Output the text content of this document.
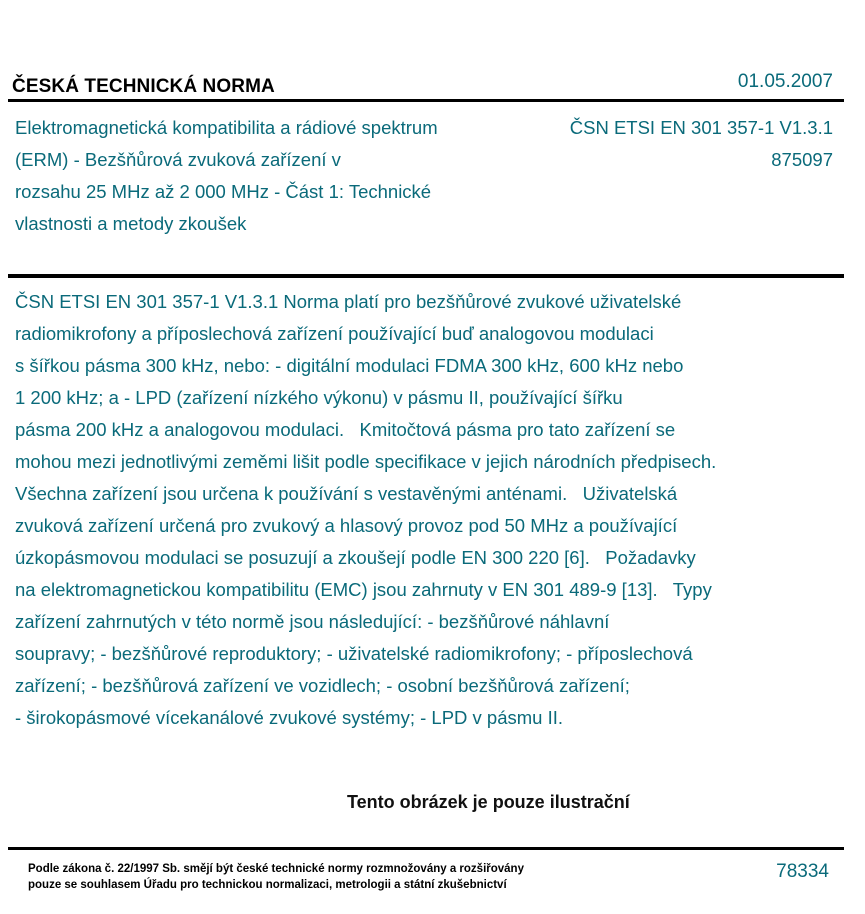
ČESKÁ TECHNICKÁ NORMA	01.05.2007
Elektromagnetická kompatibilita a rádiové spektrum
(ERM) - Bezšňůrová zvuková zařízení v
rozsahu 25 MHz až 2 000 MHz - Část 1: Technické
vlastnosti a metody zkoušek
ČSN ETSI EN 301 357-1 V1.3.1
875097
ČSN ETSI EN 301 357-1 V1.3.1 Norma platí pro bezšňůrové zvukové uživatelské
radiomikrofony a příposlechová zařízení používající buď analogovou modulaci
s šířkou pásma 300 kHz, nebo: - digitální modulaci FDMA 300 kHz, 600 kHz nebo
1 200 kHz; a - LPD (zařízení nízkého výkonu) v pásmu II, používající šířku
pásma 200 kHz a analogovou modulaci.   Kmitočtová pásma pro tato zařízení se
mohou mezi jednotlivými zeměmi lišit podle specifikace v jejich národních předpisech.
Všechna zařízení jsou určena k používání s vestavěnými anténami.   Uživatelská
zvuková zařízení určená pro zvukový a hlasový provoz pod 50 MHz a používající
úzkopásmovou modulaci se posuzují a zkoušejí podle EN 300 220 [6].   Požadavky
na elektromagnetickou kompatibilitu (EMC) jsou zahrnuty v EN 301 489-9 [13].   Typy
zařízení zahrnutých v této normě jsou následující: - bezšňůrové náhlavní
soupravy; - bezšňůrové reproduktory; - uživatelské radiomikrofony; - příposlechová
zařízení; - bezšňůrová zařízení ve vozidlech; - osobní bezšňůrová zařízení;
- širokopásmové vícekanálové zvukové systémy; - LPD v pásmu II.
Tento obrázek je pouze ilustrační
Podle zákona č. 22/1997 Sb. smějí být české technické normy rozmnožovány a rozšiřovány
pouze se souhlasem Úřadu pro technickou normalizaci, metrologii a státní zkušebnictví
78334
